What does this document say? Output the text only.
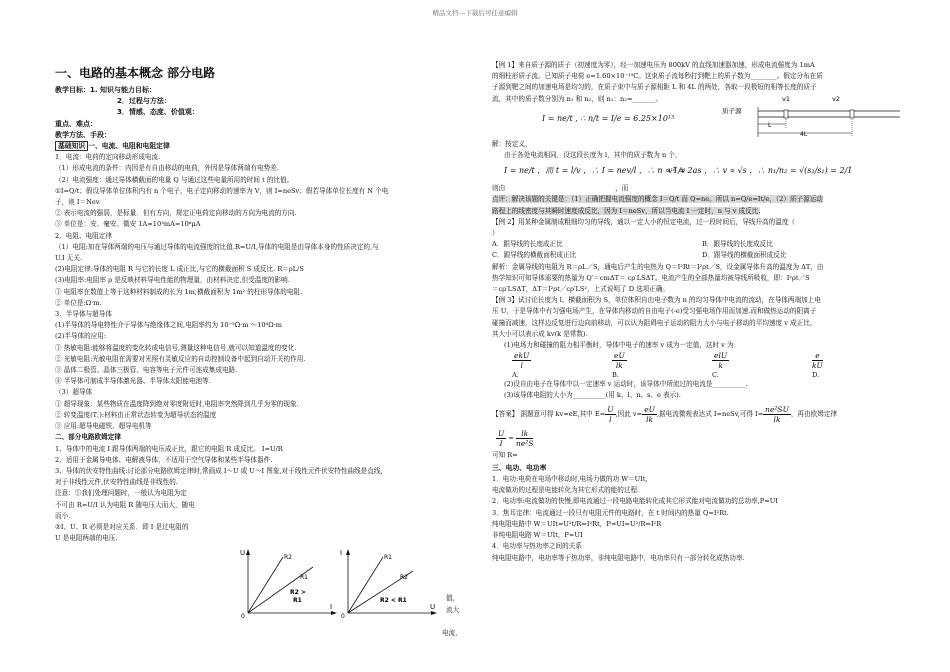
精品文档---下载后可任意编辑

一、电路的基本概念 部分电路

教学目标：1. 知识与能力目标：

2．过程与方法：

3．情感、态度、价值观：

重点、难点：

教学方法、手段：

基础知识 一、电流、电阻和电阻定律

1．电流：电荷的定向移动形成电流.

（1）形成电流的条件：内因是有自由移动的电荷，外因是导体两端有电势差.

（2）电流强度：通过导体横截面的电量 Q 与通过这些电量所用的时间 t 的比值。

①I=Q/t；假设导体单位体积内有 n 个电子，电子定向移动的速率为 V，则 I=neSv；假若导体单位长度有 N 个电

子，则 I＝Nev.

② 表示电流的强弱，是标量．但有方向，规定正电荷定向移动的方向为电流的方向.

③ 单位是：安、毫安、微安 1A=10³mA=10⁶μA

2．电阻、电阻定律

（1）电阻:加在导体两端的电压与通过导体的电流强度的比值.R=U/I,导体的电阻是由导体本身的性质决定的,与

U.I 无关.

(2)电阻定律:导体的电阻 R 与它的长度 L 成正比,与它的横截面积 S 成反比. R＝ρL/S

(3)电阻率:电阻率 ρ 是反映材料导电性能的物理量，由材料决定,但受温度的影响.

① 电阻率在数值上等于这种材料制成的长为 1m,横截面积为 1m² 的柱形导体的电阻.

② 单位是:Ω·m.

3．半导体与超导体

(1)半导体的导电特性介于导体与绝缘体之间,电阻率约为 10⁻⁵Ω·m ～10⁶Ω·m

(2)半导体的应用:

① 热敏电阻:能够将温度的变化转成电信号,测量这种电信号,就可以知道温度的变化.

② 光敏电阻:光敏电阻在需要对光照有灵敏反应的自动控制设备中起到自动开关的作用.

③ 晶体二极管、晶体三极管、电容等电子元件可连成集成电路.

④ 半导体可制成半导体激光器、半导体太阳能电池等.

（3）超导体

① 超导现象：某些物质在温度降到绝对零度附近时,电阻率突然降到几乎为零的现象.

② 转变温度(T꜀):材料由正常状态转变为超导状态的温度

③ 应用:超导电磁铁、超导电机等

二、部分电路欧姆定律

1、导体中的电流 I 跟导体两端的电压成正比，跟它的电阻 R 成反比。 I=U/R

2、适用于金属导电体、电解液导体，不适用于空气导体和某些半导体器件.

3、导体的伏安特性曲线:讨论部分电路欧姆定律时,常画成 I～U 或 U～I 图象,对于线性元件伏安特性曲线是直线,

对于非线性元件,伏安特性曲线是非线性的.

注意：①我们处理问题时，一般认为电阻为定

不可由 R=U/I 认为电阻 R 随电压大而大，随电

而小.

②I、U、R 必须是对应关系．即 I 是过电阻的

U 是电阻两端的电压.

U
I
0
R2
R1
R2 >
R1
I
U
0
R1
R2
R2 < R1	值，
流大
电流，

【例 1】来自质子源的质子（初速度为零），经一加速电压为 800kV 的直线加速器加速，形成电流强度为 1mA

的细柱形质子流。已知质子电荷 e=1.60×10⁻¹⁹C。这束质子流每秒打到靶上的质子数为________。假定分布在质

子源到靶之间的加速电场是均匀的，在质子束中与质子源相距 L 和 4L 的两处，各取一段极短的相等长度的质子

流，其中的质子数分别为 n₁ 和 n₂，则 n₁：n₂=_______。

I = ne/t , ∴ n/t = I/e = 6.25×10¹⁵

v1	v2
质子源
L
4L

解：按定义，

由于各处电流相同，设这段长度为 l，其中的质子数为 n 个，

I = ne/t ，而 t = l/v ，∴ I = nev/l ，∴ n ∝ 1/v

v² = 2as ，∴ v ∝ √s ，∴ n₁/n₂ = √(s₂/s₁) = 2/1

则由	，而

点评：解决该题的关键是：（1）正确把握电流强度的概念 I＝Q/t 而 Q=ne。所以 n=Q/e=It/e，（2）质子源运动

路程上的线密度与其瞬时速度成反比，因为 I＝neSv，所以当电流 I 一定时，n 与 v 成反比.

【例 2】用某种金属制成粗细均匀的导线，通以一定大小的恒定电流，过一段时间后，导线升高的温度（

）

A．跟导线的长度成正比	B．跟导线的长度成反比

C．跟导线的横截面积成正比	D．跟导线的横截面积成反比

解析：金属导线的电阻为 R＝ρL／S，通电后产生的电热为 Q＝I²Rt＝I²ρt／S，设金属导体升高的温度为 ΔT，由

热学知识可知导体需要的热量为 Q′＝cmΔT＝ cρ′LSΔT。电流产生的全部热量均被导线所吸收，即：I²ρt／S

＝cρ′LSΔT，ΔT＝I²ρt／cρ′LS²，上式说明了 D 选项正确。

【例 3】试讨论长度为 l、横截面积为 S，单位体积自由电子数为 n 的均匀导体中电流的流动，在导体两端加上电

压 U，于是导体中有匀强电场产生，在导体内移动的自由电子(-e)受匀强电场作用而加速.而和做热运动的阳离子

碰撞而减速，这样边反复进行边向前移动，可以认为阻碍电子运动的阻力大小与电子移动的平均速度 v 成正比，

其大小可以表示成 kv(k 是常数).

(1)电场力和碰撞的阻力相平衡时，导体中电子的速率 v 成为一定值，这时 v 为

$\frac{\text{ekU}}{l}$

A.
$\frac{eU}{lk}$

B.
$\frac{\text{elU}}{k}$

C.
$\frac{e}{kU}$

D.

(2)设自由电子在导体中以一定速率 v 运动时，该导体中所流过的电流是__________.

(3)该导体电阻的大小为__________(用 k、l、n、s、e 表示).

【答案】 据题意可得 kv=eE,其中 $E= \frac{U}{l}$ ,因此 $v= \frac{eU}{lk}$ ,据电流微观表达式 I=neSv,可得 $I= \frac{\text{ne²SU}}{lk}$ ，再由欧姆定律
$\frac{U}{I} = \frac{lk}{\text{ne²S}}$

可知 R=

三、电功、电功率

1．电功:电荷在电场中移动时,电场力做的功 W＝UIt,

电流做功的过程是电能转化为其它形式的能的过程.

2．电功率:电流做功的快慢,即电流通过一段电路电能转化成其它形式能对电流做功的总功率,P=UI

3．焦耳定律：电流通过一段只有电阻元件的电路时，在 t 时间内的热量 Q=I²Rt.

纯电阻电路中 W＝UIt=U²t/R=I²Rt，P=UI=U²/R=I²R

非纯电阻电路 W＝UIt，P=UI

4．电功率与热功率之间的关系

纯电阻电路中，电功率等于热功率，非纯电阻电路中，电功率只有一部分转化成热功率.
